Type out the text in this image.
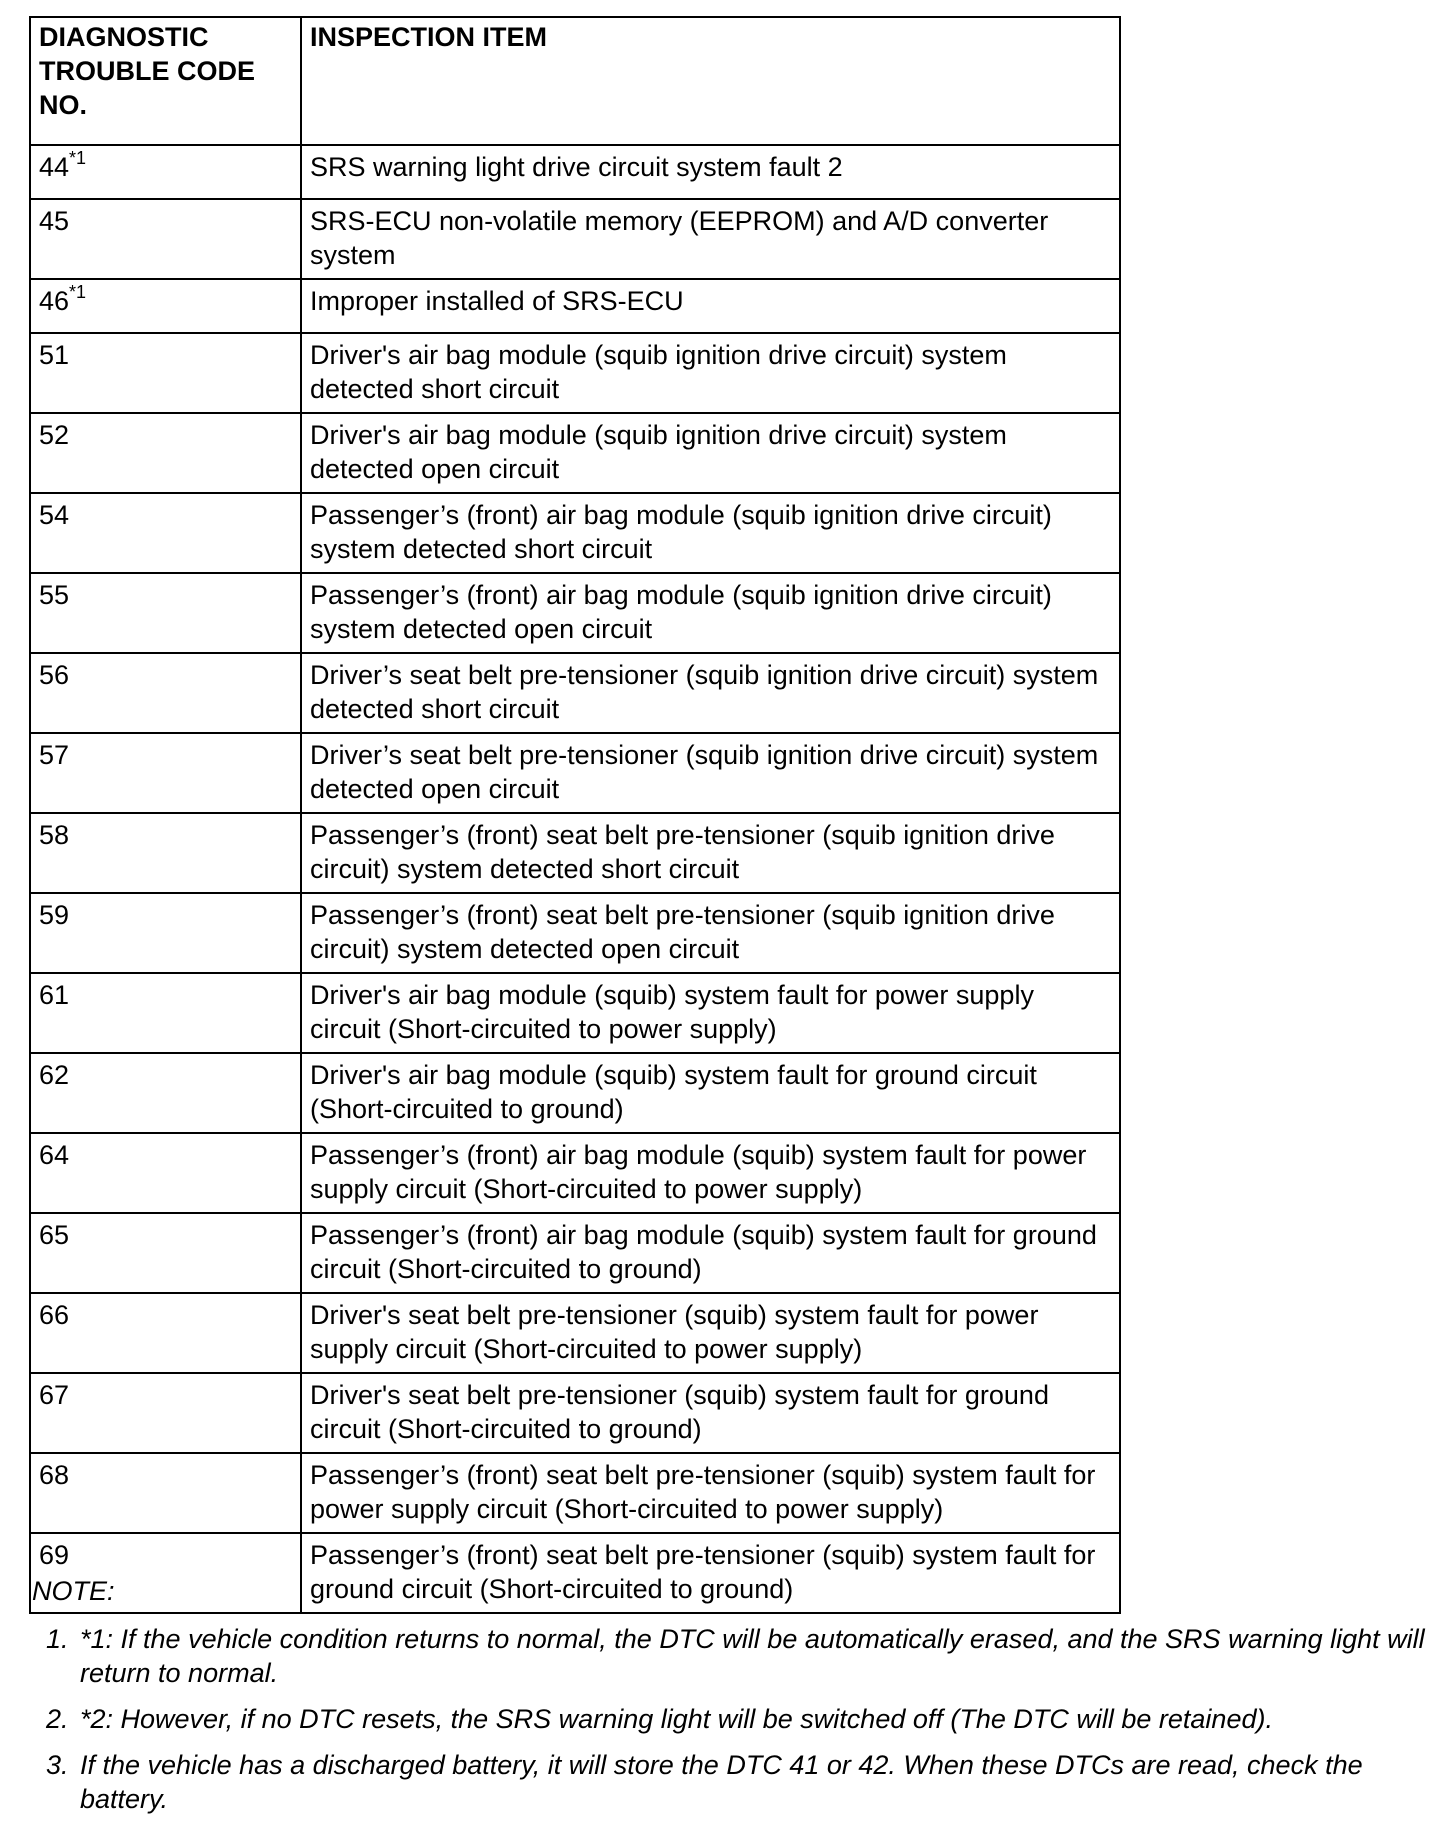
DIAGNOSTIC TROUBLE CODE NO.	INSPECTION ITEM
44$^{*1}$	SRS warning light drive circuit system fault 2
45	SRS-ECU non-volatile memory (EEPROM) and A/D converter system
46$^{*1}$	Improper installed of SRS-ECU
51	Driver's air bag module (squib ignition drive circuit) system detected short circuit
52	Driver's air bag module (squib ignition drive circuit) system detected open circuit
54	Passenger’s (front) air bag module (squib ignition drive circuit) system detected short circuit
55	Passenger’s (front) air bag module (squib ignition drive circuit) system detected open circuit
56	Driver’s seat belt pre-tensioner (squib ignition drive circuit) system detected short circuit
57	Driver’s seat belt pre-tensioner (squib ignition drive circuit) system detected open circuit
58	Passenger’s (front) seat belt pre-tensioner (squib ignition drive circuit) system detected short circuit
59	Passenger’s (front) seat belt pre-tensioner (squib ignition drive circuit) system detected open circuit
61	Driver's air bag module (squib) system fault for power supply circuit (Short-circuited to power supply)
62	Driver's air bag module (squib) system fault for ground circuit (Short-circuited to ground)
64	Passenger’s (front) air bag module (squib) system fault for power supply circuit (Short-circuited to power supply)
65	Passenger’s (front) air bag module (squib) system fault for ground circuit (Short-circuited to ground)
66	Driver's seat belt pre-tensioner (squib) system fault for power supply circuit (Short-circuited to power supply)
67	Driver's seat belt pre-tensioner (squib) system fault for ground circuit (Short-circuited to ground)
68	Passenger’s (front) seat belt pre-tensioner (squib) system fault for power supply circuit (Short-circuited to power supply)
69	Passenger’s (front) seat belt pre-tensioner (squib) system fault for ground circuit (Short-circuited to ground)
NOTE:
1. *1: If the vehicle condition returns to normal, the DTC will be automatically erased, and the SRS warning light will return to normal.
2. *2: However, if no DTC resets, the SRS warning light will be switched off (The DTC will be retained).
3. If the vehicle has a discharged battery, it will store the DTC 41 or 42. When these DTCs are read, check the battery.
